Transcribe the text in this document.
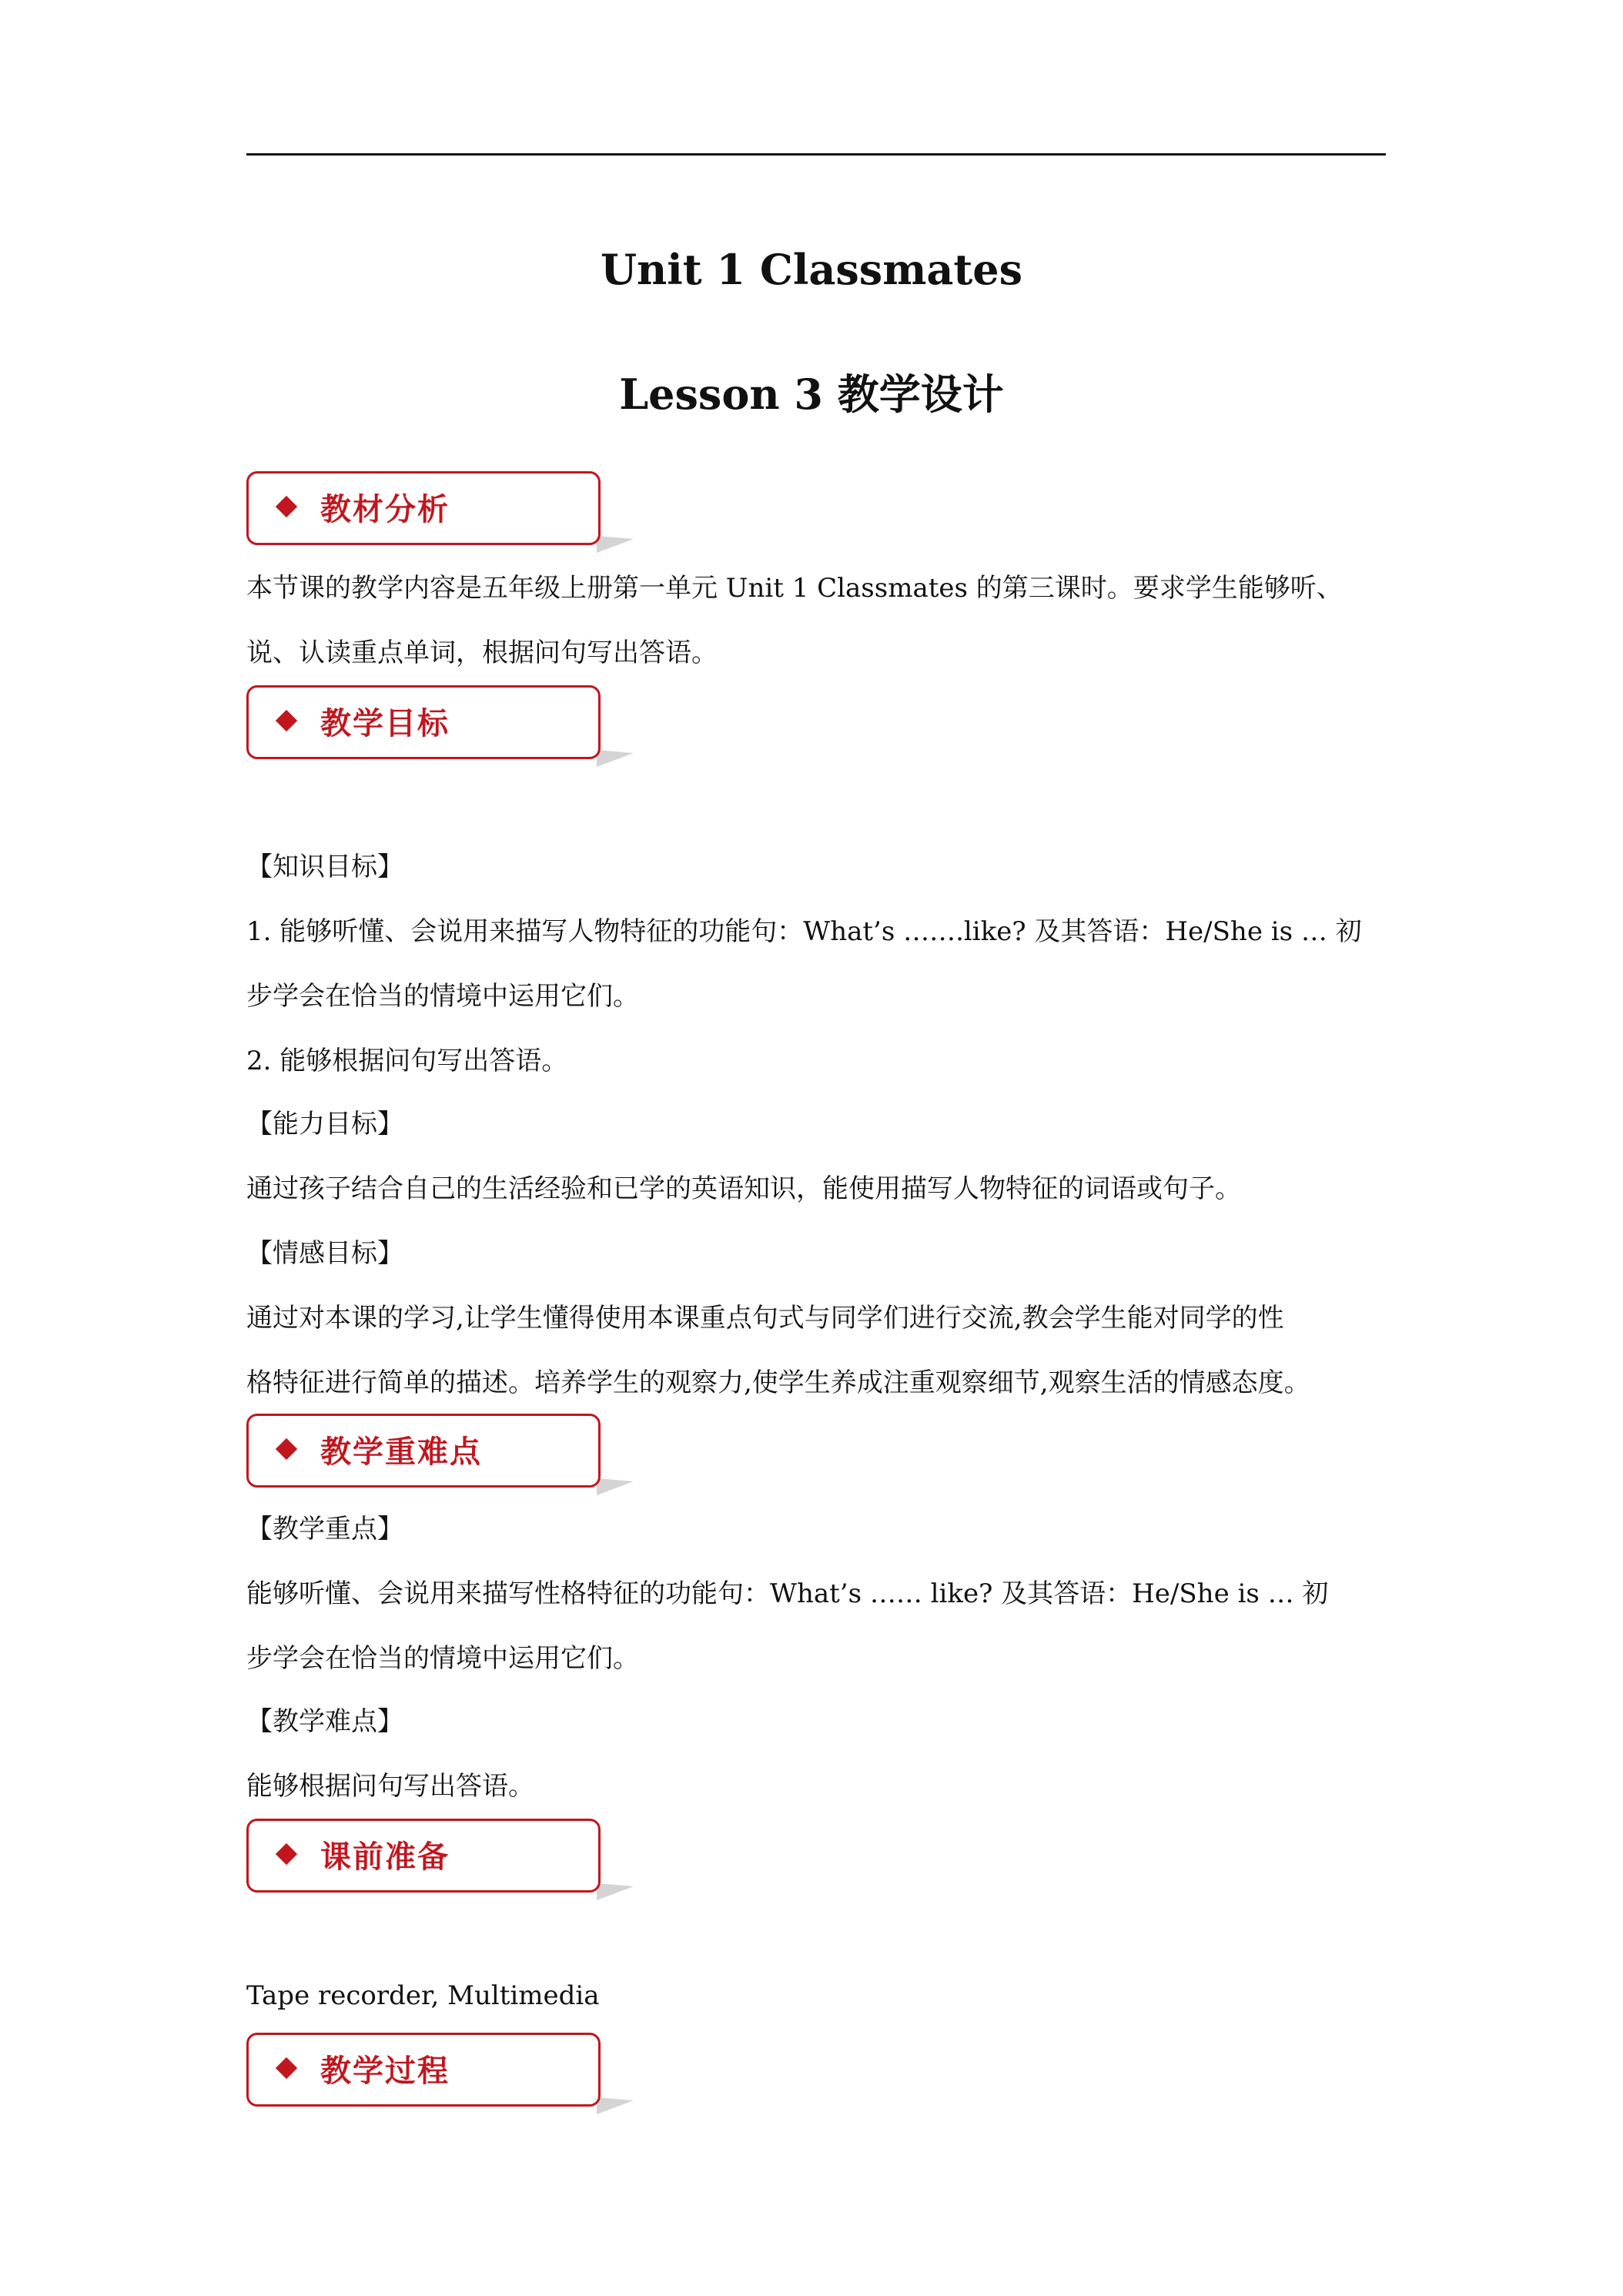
Unit 1 Classmates
Lesson 3 教学设计
教材分析
本节课的教学内容是五年级上册第一单元 Unit 1 Classmates 的第三课时。要求学生能够听、
说、认读重点单词，根据问句写出答语。
教学目标
【知识目标】
1. 能够听懂、会说用来描写人物特征的功能句：What’s …….like? 及其答语：He/She is … 初
步学会在恰当的情境中运用它们。
2. 能够根据问句写出答语。
【能力目标】
通过孩子结合自己的生活经验和已学的英语知识，能使用描写人物特征的词语或句子。
【情感目标】
通过对本课的学习,让学生懂得使用本课重点句式与同学们进行交流,教会学生能对同学的性
格特征进行简单的描述。培养学生的观察力,使学生养成注重观察细节,观察生活的情感态度。
教学重难点
【教学重点】
能够听懂、会说用来描写性格特征的功能句：What’s …… like? 及其答语：He/She is … 初
步学会在恰当的情境中运用它们。
【教学难点】
能够根据问句写出答语。
课前准备
Tape recorder, Multimedia
教学过程
